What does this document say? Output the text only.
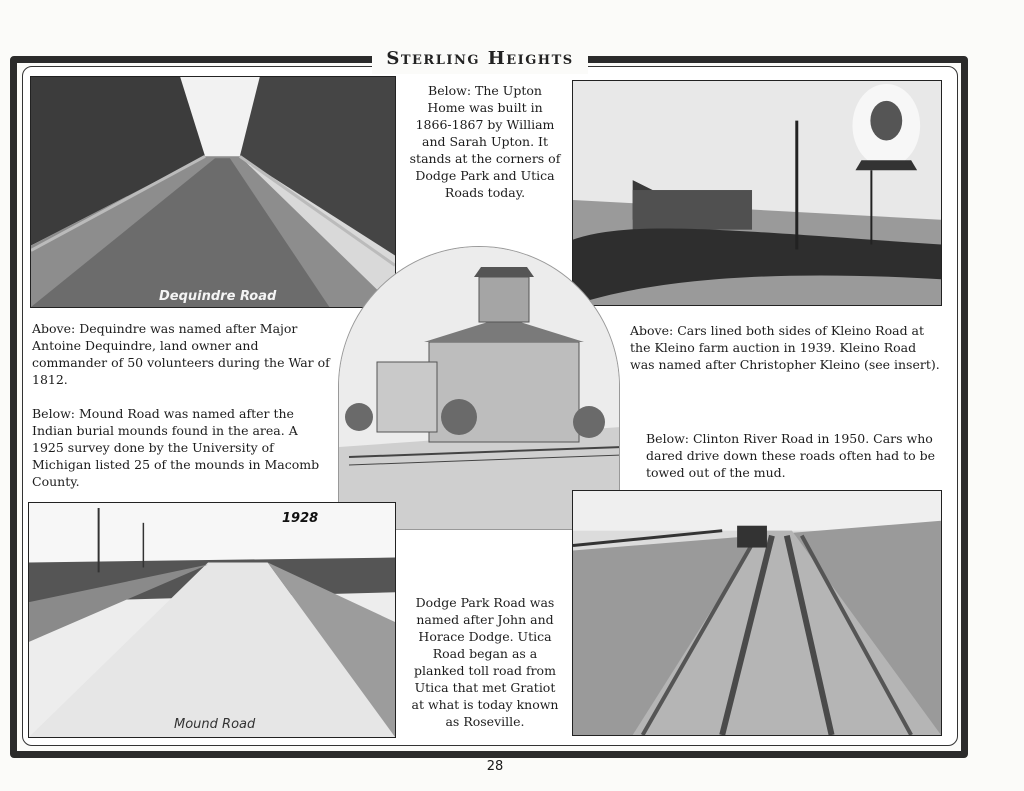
Sterling Heights
Dequindre Road
Below: The Upton Home was built in 1866-1867 by William and Sarah Upton. It stands at the corners of Dodge Park and Utica Roads today.
Above: Dequindre was named after Major Antoine Dequindre, land owner and commander of 50 volunteers during the War of 1812.
Below: Mound Road was named after the Indian burial mounds found in the area. A 1925 survey done by the University of Michigan listed 25 of the mounds in Macomb County.
Above: Cars lined both sides of Kleino Road at the Kleino farm auction in 1939. Kleino Road was named after Christopher Kleino (see insert).
Below: Clinton River Road in 1950. Cars who dared drive down these roads often had to be towed out of the mud.
1928
Mound Road
Dodge Park Road was named after John and Horace Dodge. Utica Road began as a planked toll road from Utica that met Gratiot at what is today known as Roseville.
28
